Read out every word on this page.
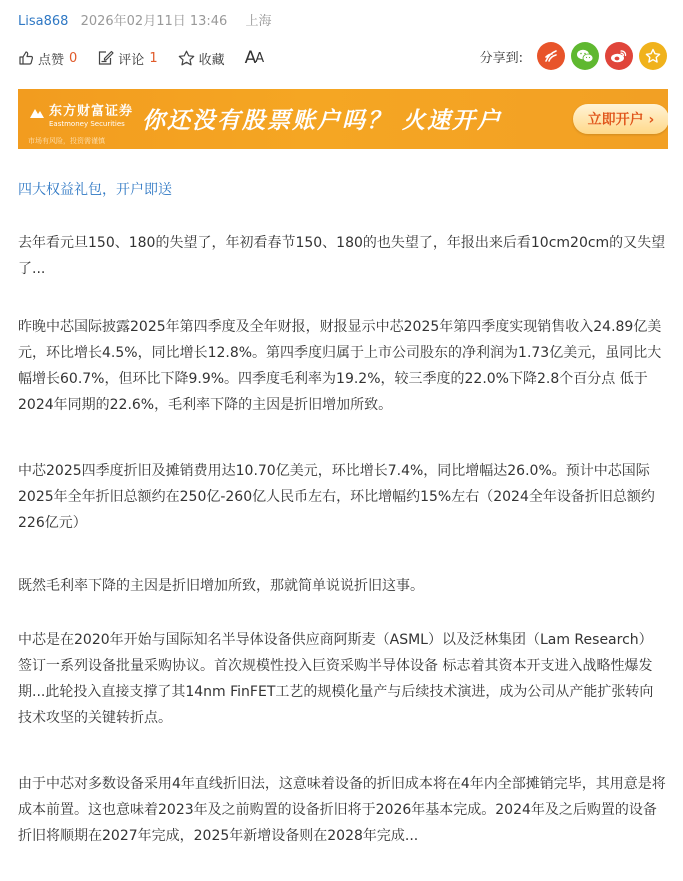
Lisa868 2026年02月11日 13:46 上海
点赞 0	评论 1	收藏 A A	分享到:
东方财富证券
Eastmoney Securities
市场有风险，投资需谨慎
你还没有股票账户吗？ 火速开户	立即开户 ›
四大权益礼包，开户即送

去年看元旦150、180的失望了，年初看春节150、180的也失望了，年报出来后看10cm20cm的又失望了...

昨晚中芯国际披露2025年第四季度及全年财报，财报显示中芯2025年第四季度实现销售收入24.89亿美元，环比增长4.5%，同比增长12.8%。第四季度归属于上市公司股东的净利润为1.73亿美元，虽同比大幅增长60.7%，但环比下降9.9%。四季度毛利率为19.2%，较三季度的22.0%下降2.8个百分点 低于2024年同期的22.6%，毛利率下降的主因是折旧增加所致。

中芯2025四季度折旧及摊销费用达10.70亿美元，环比增长7.4%，同比增幅达26.0%。预计中芯国际2025年全年折旧总额约在250亿-260亿人民币左右，环比增幅约15%左右（2024全年设备折旧总额约226亿元）

既然毛利率下降的主因是折旧增加所致，那就简单说说折旧这事。

中芯是在2020年开始与国际知名半导体设备供应商阿斯麦（ASML）以及泛林集团（Lam Research）签订一系列设备批量采购协议。首次规模性投入巨资采购半导体设备 标志着其资本开支进入战略性爆发期...此轮投入直接支撑了其14nm FinFET工艺的规模化量产与后续技术演进，成为公司从产能扩张转向技术攻坚的关键转折点。

由于中芯对多数设备采用4年直线折旧法，这意味着设备的折旧成本将在4年内全部摊销完毕，其用意是将成本前置。这也意味着2023年及之前购置的设备折旧将于2026年基本完成。2024年及之后购置的设备折旧将顺期在2027年完成，2025年新增设备则在2028年完成...
